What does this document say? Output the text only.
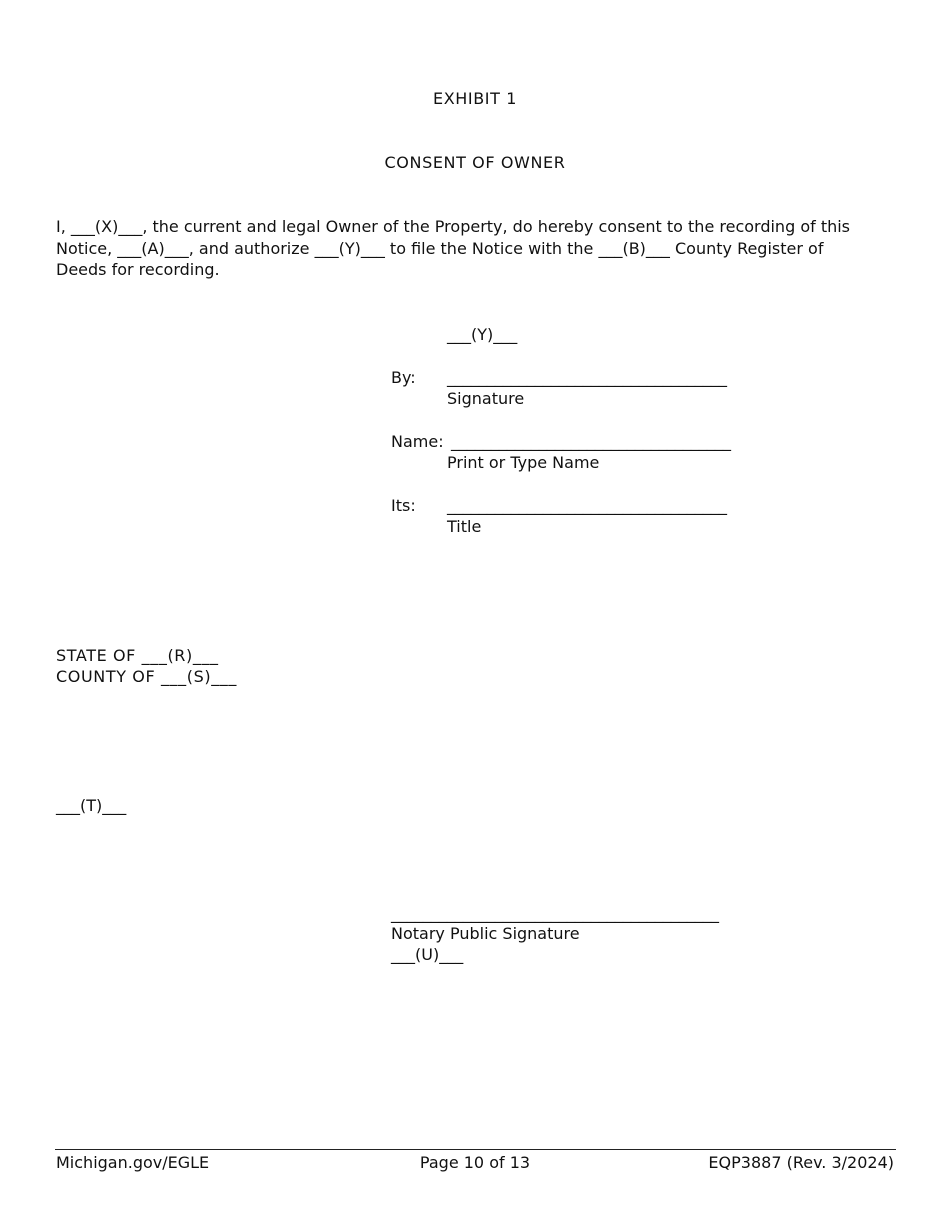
EXHIBIT 1
CONSENT OF OWNER
I, ___(X)___, the current and legal Owner of the Property, do hereby consent to the recording of this
Notice, ___(A)___, and authorize ___(Y)___ to file the Notice with the ___(B)___ County Register of
Deeds for recording.
___(Y)___
By: ___________________________________
Signature
Name: ___________________________________
Print or Type Name
Its: ___________________________________
Title
STATE OF ___(R)___
COUNTY OF ___(S)___
___(T)___
_________________________________________
Notary Public Signature
___(U)___
Michigan.gov/EGLE	Page 10 of 13	EQP3887 (Rev. 3/2024)
